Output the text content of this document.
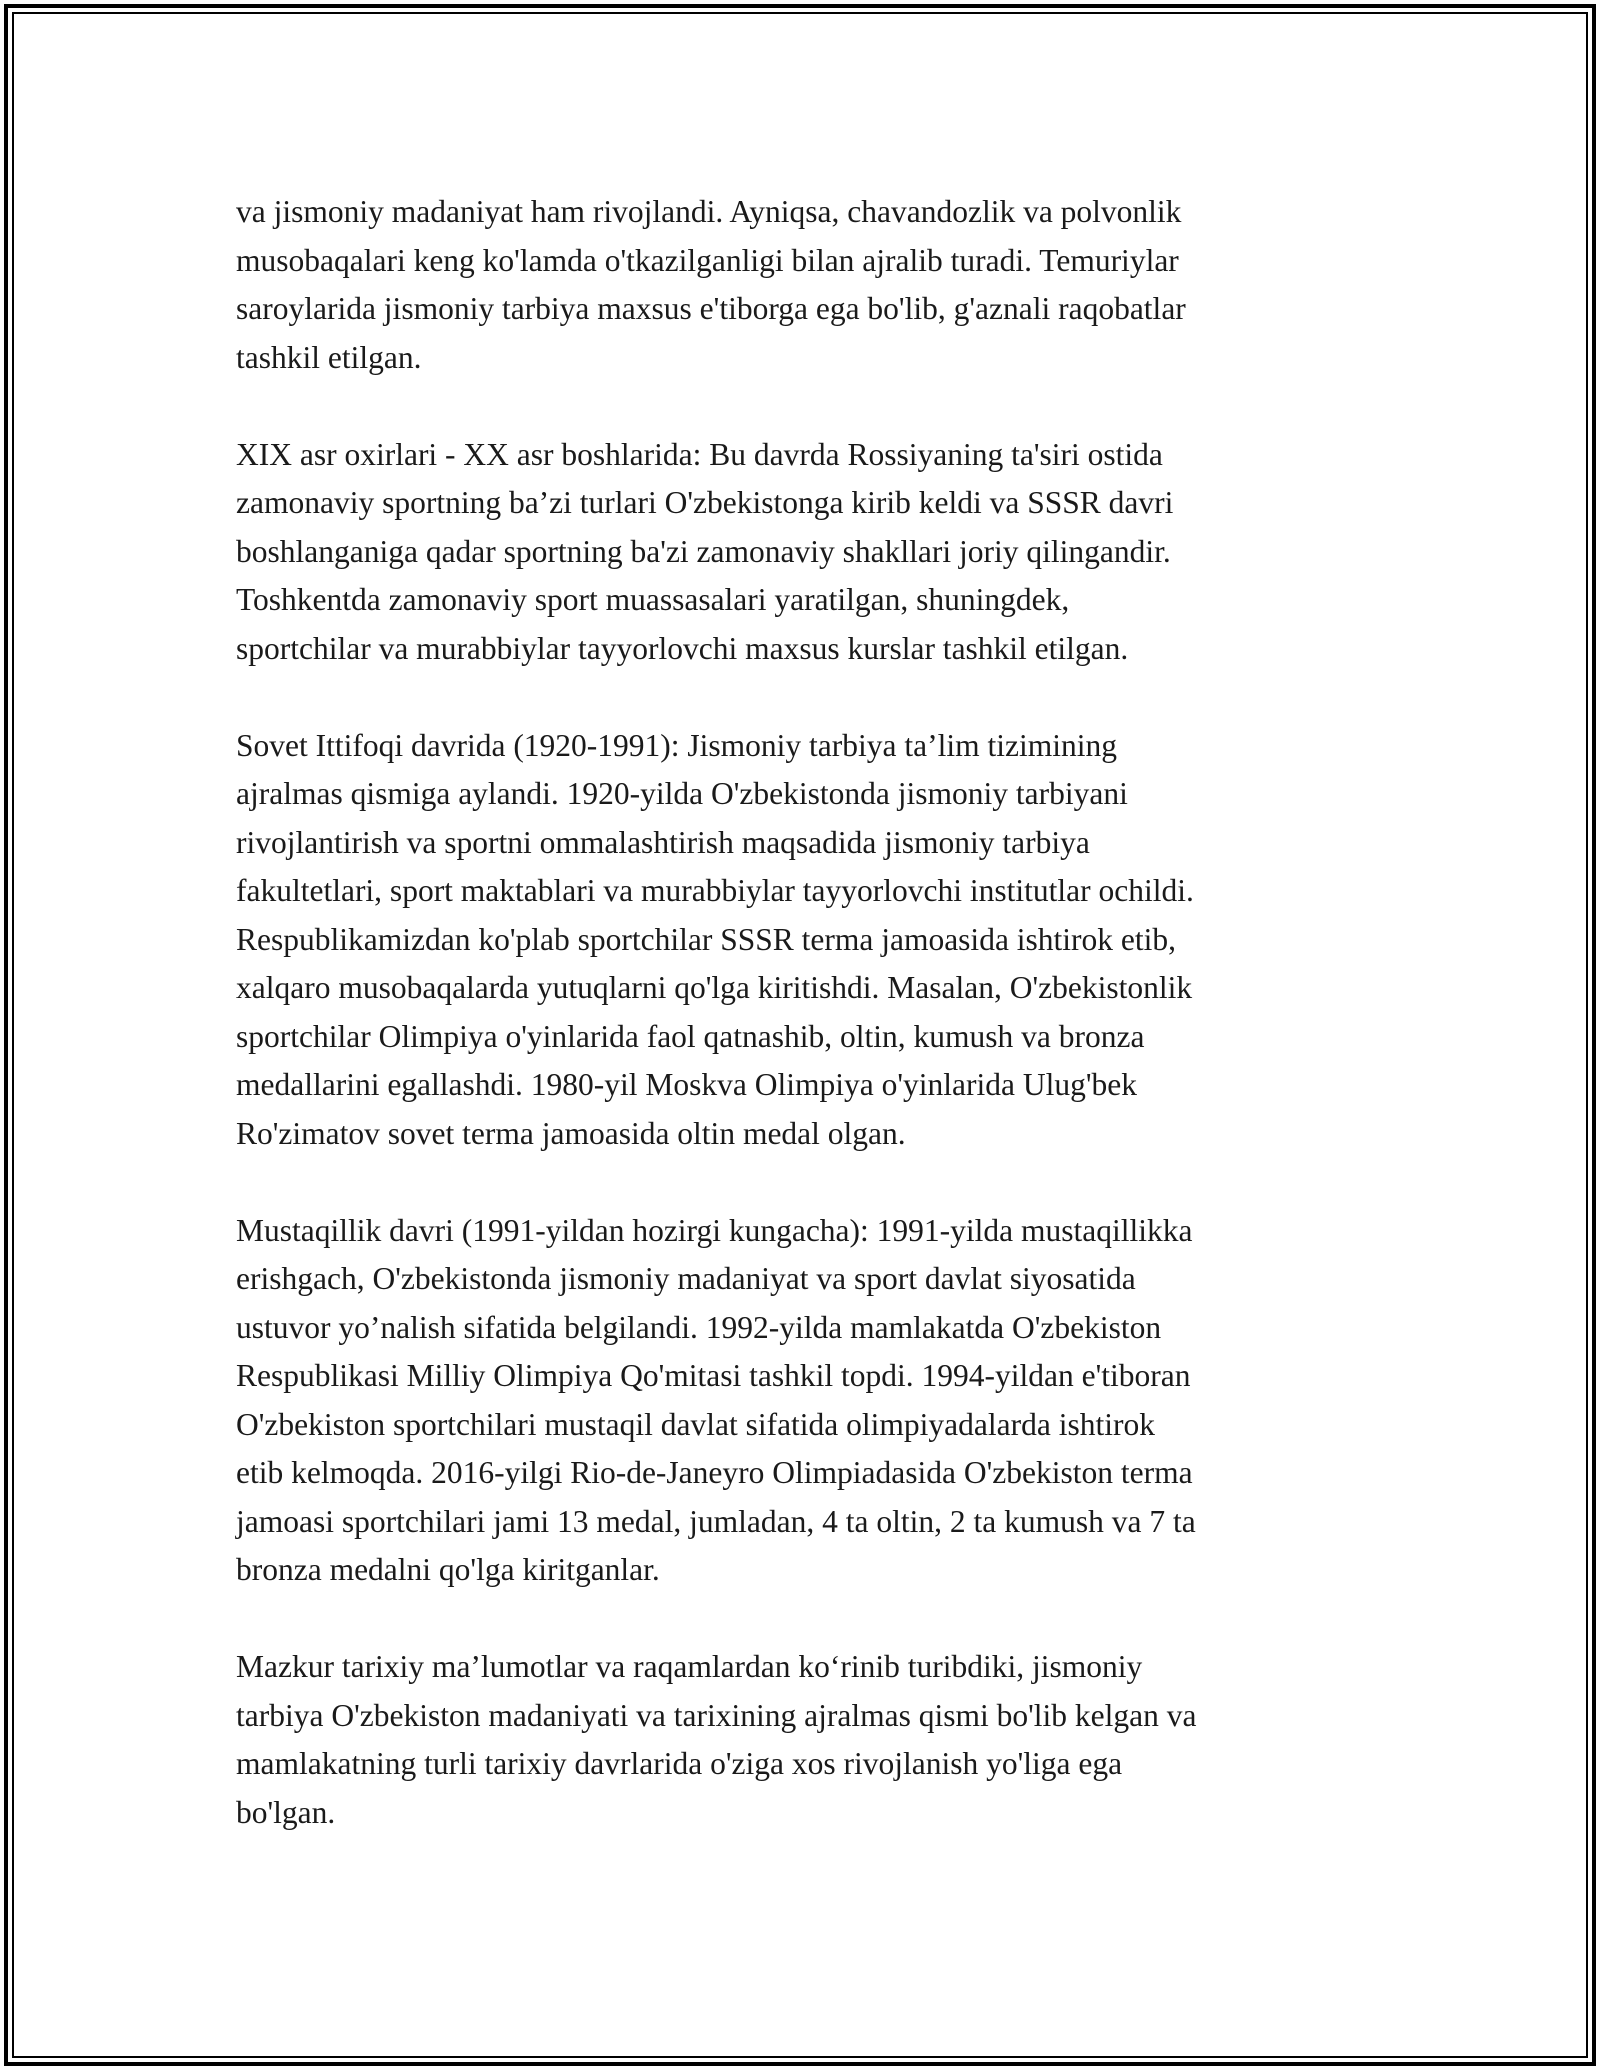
va jismoniy madaniyat ham rivojlandi. Ayniqsa, chavandozlik va polvonlik
musobaqalari keng ko'lamda o'tkazilganligi bilan ajralib turadi. Temuriylar
saroylarida jismoniy tarbiya maxsus e'tiborga ega bo'lib, g'aznali raqobatlar
tashkil etilgan.

XIX asr oxirlari - XX asr boshlarida: Bu davrda Rossiyaning ta'siri ostida
zamonaviy sportning ba’zi turlari O'zbekistonga kirib keldi va SSSR davri
boshlanganiga qadar sportning ba'zi zamonaviy shakllari joriy qilingandir.
Toshkentda zamonaviy sport muassasalari yaratilgan, shuningdek,
sportchilar va murabbiylar tayyorlovchi maxsus kurslar tashkil etilgan.

Sovet Ittifoqi davrida (1920-1991): Jismoniy tarbiya ta’lim tizimining
ajralmas qismiga aylandi. 1920-yilda O'zbekistonda jismoniy tarbiyani
rivojlantirish va sportni ommalashtirish maqsadida jismoniy tarbiya
fakultetlari, sport maktablari va murabbiylar tayyorlovchi institutlar ochildi.
Respublikamizdan ko'plab sportchilar SSSR terma jamoasida ishtirok etib,
xalqaro musobaqalarda yutuqlarni qo'lga kiritishdi. Masalan, O'zbekistonlik
sportchilar Olimpiya o'yinlarida faol qatnashib, oltin, kumush va bronza
medallarini egallashdi. 1980-yil Moskva Olimpiya o'yinlarida Ulug'bek
Ro'zimatov sovet terma jamoasida oltin medal olgan.

Mustaqillik davri (1991-yildan hozirgi kungacha): 1991-yilda mustaqillikka
erishgach, O'zbekistonda jismoniy madaniyat va sport davlat siyosatida
ustuvor yo’nalish sifatida belgilandi. 1992-yilda mamlakatda O'zbekiston
Respublikasi Milliy Olimpiya Qo'mitasi tashkil topdi. 1994-yildan e'tiboran
O'zbekiston sportchilari mustaqil davlat sifatida olimpiyadalarda ishtirok
etib kelmoqda. 2016-yilgi Rio-de-Janeyro Olimpiadasida O'zbekiston terma
jamoasi sportchilari jami 13 medal, jumladan, 4 ta oltin, 2 ta kumush va 7 ta
bronza medalni qo'lga kiritganlar.

Mazkur tarixiy ma’lumotlar va raqamlardan ko‘rinib turibdiki, jismoniy
tarbiya O'zbekiston madaniyati va tarixining ajralmas qismi bo'lib kelgan va
mamlakatning turli tarixiy davrlarida o'ziga xos rivojlanish yo'liga ega
bo'lgan.
